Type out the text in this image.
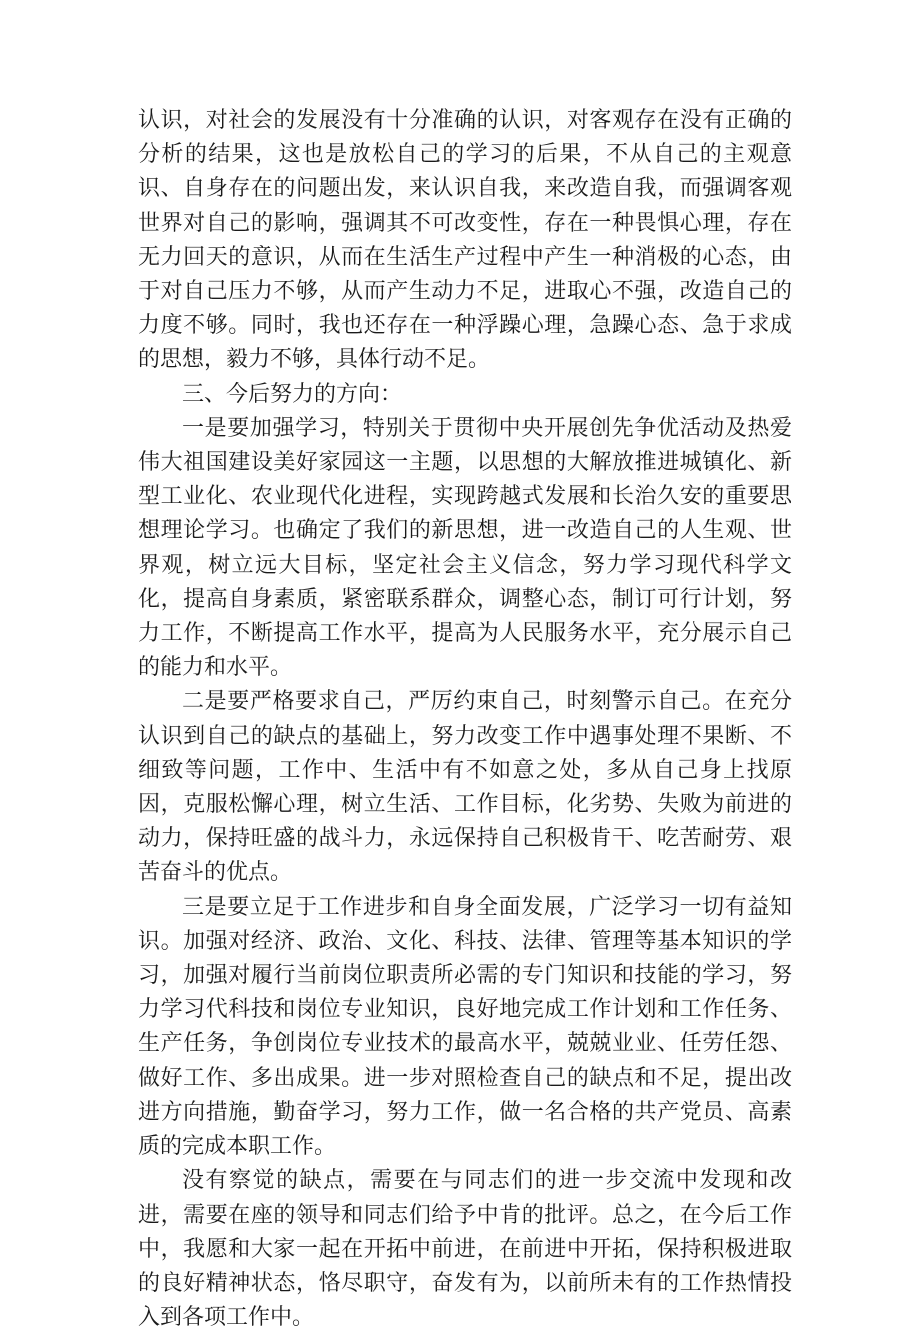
认识，对社会的发展没有十分准确的认识，对客观存在没有正确的分析的结果，这也是放松自己的学习的后果，不从自己的主观意识、自身存在的问题出发，来认识自我，来改造自我，而强调客观世界对自己的影响，强调其不可改变性，存在一种畏惧心理，存在无力回天的意识，从而在生活生产过程中产生一种消极的心态，由于对自己压力不够，从而产生动力不足，进取心不强，改造自己的力度不够。同时，我也还存在一种浮躁心理，急躁心态、急于求成的思想，毅力不够，具体行动不足。

三、今后努力的方向：

一是要加强学习，特别关于贯彻中央开展创先争优活动及热爱伟大祖国建设美好家园这一主题，以思想的大解放推进城镇化、新型工业化、农业现代化进程，实现跨越式发展和长治久安的重要思想理论学习。也确定了我们的新思想，进一改造自己的人生观、世界观，树立远大目标，坚定社会主义信念，努力学习现代科学文化，提高自身素质，紧密联系群众，调整心态，制订可行计划，努力工作，不断提高工作水平，提高为人民服务水平，充分展示自己的能力和水平。

二是要严格要求自己，严厉约束自己，时刻警示自己。在充分认识到自己的缺点的基础上，努力改变工作中遇事处理不果断、不细致等问题，工作中、生活中有不如意之处，多从自己身上找原因，克服松懈心理，树立生活、工作目标，化劣势、失败为前进的动力，保持旺盛的战斗力，永远保持自己积极肯干、吃苦耐劳、艰苦奋斗的优点。

三是要立足于工作进步和自身全面发展，广泛学习一切有益知识。加强对经济、政治、文化、科技、法律、管理等基本知识的学习，加强对履行当前岗位职责所必需的专门知识和技能的学习，努力学习代科技和岗位专业知识，良好地完成工作计划和工作任务、生产任务，争创岗位专业技术的最高水平，兢兢业业、任劳任怨、做好工作、多出成果。进一步对照检查自己的缺点和不足，提出改进方向措施，勤奋学习，努力工作，做一名合格的共产党员、高素质的完成本职工作。

没有察觉的缺点，需要在与同志们的进一步交流中发现和改进，需要在座的领导和同志们给予中肯的批评。总之，在今后工作中，我愿和大家一起在开拓中前进，在前进中开拓，保持积极进取的良好精神状态，恪尽职守，奋发有为，以前所未有的工作热情投入到各项工作中。
